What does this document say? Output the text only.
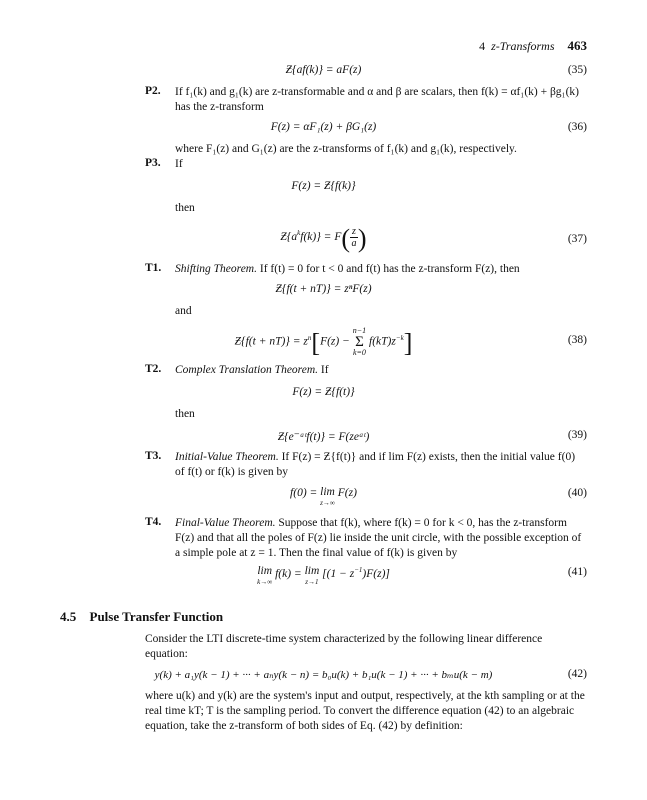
4 z-Transforms 463
Ƶ{af(k)} = aF(z)	(35)
P2. If f₁(k) and g₁(k) are z-transformable and α and β are scalars, then f(k) = αf₁(k) + βg₁(k) has the z-transform
F(z) = αF₁(z) + βG₁(z)	(36)
where F₁(z) and G₁(z) are the z-transforms of f₁(k) and g₁(k), respectively.
P3. If
F(z) = Ƶ{f(k)}
then
$Ƶ\{a^kf(k)\} = F( \frac{z}{a}$ )	(37)
T1. Shifting Theorem. If f(t) = 0 for t < 0 and f(t) has the z-transform F(z), then
Ƶ{f(t + nT)} = zⁿF(z)
and
Ƶ{f(t + $nT)\} = z^n[F(z)$ −
n−1
Σ
k=0
$f(kT)z^{-k}$]	(38)
T2. Complex Translation Theorem. If
F(z) = Ƶ{f(t)}
then
Ƶ{e⁻ᵃᵗf(t)} = F(zeᵃᵗ)	(39)
T3. Initial-Value Theorem. If F(z) = Ƶ{f(t)} and if lim F(z) exists, then the initial value f(0) of f(t) or f(k) is given by
f(0) = lim
z→∞
F(z)	(40)
T4. Final-Value Theorem. Suppose that f(k), where f(k) = 0 for k < 0, has the z-transform F(z) and that all the poles of F(z) lie inside the unit circle, with the possible exception of a simple pole at z = 1. Then the final value of f(k) is given by
lim
k→∞
f(k) = lim
z→1
$[(1 - z^{-1})F(z)]$	(41)
4.5 Pulse Transfer Function
Consider the LTI discrete-time system characterized by the following linear difference equation:
y(k) + a₁y(k − 1) + ··· + aₙy(k − n) = b₀u(k) + b₁u(k − 1) + ··· + bₘu(k − m)	(42)
where u(k) and y(k) are the system's input and output, respectively, at the kth sampling or at the real time kT; T is the sampling period. To convert the difference equation (42) to an algebraic equation, take the z-transform of both sides of Eq. (42) by definition:
